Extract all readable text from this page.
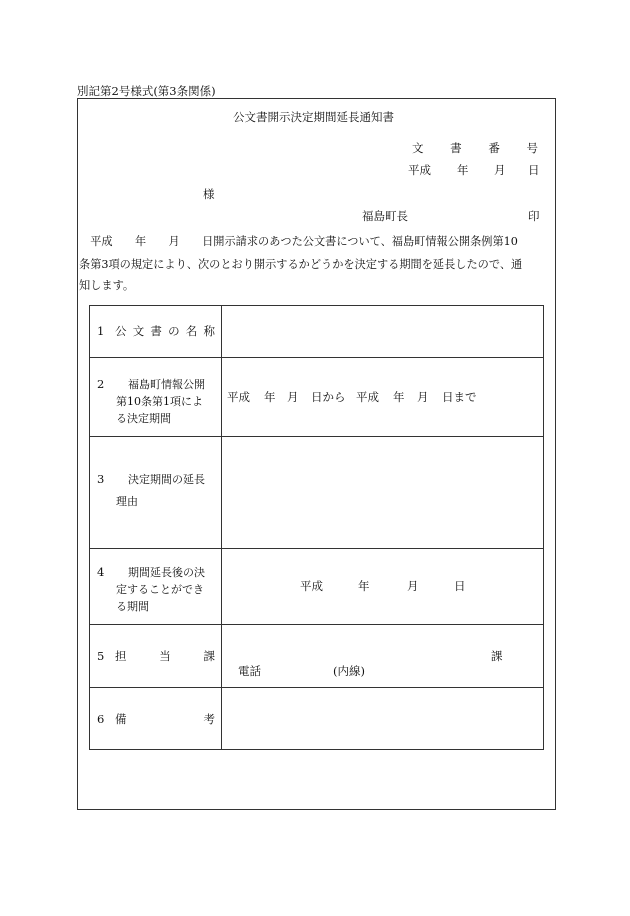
別記第2号様式(第3条関係)
公文書開示決定期間延長通知書
文 書 番 号
平成 年 月 日
様
福島町長	印
　平成　　年　　月　　日開示請求のあつた公文書について、福島町情報公開条例第10
条第3項の規定により、次のとおり開示するかどうかを決定する期間を延長したので、通
知します。
1 公 文 書 の 名 称
2	福島町情報公開
第10条第1項によ
る決定期間
平成 年 月 日から 平成 年 月 日まで
3	決定期間の延長
理由
4	期間延長後の決
定することができ
る期間
平成	年	月	日
5 担	当	課	課
電話	(内線)
6 備	考
